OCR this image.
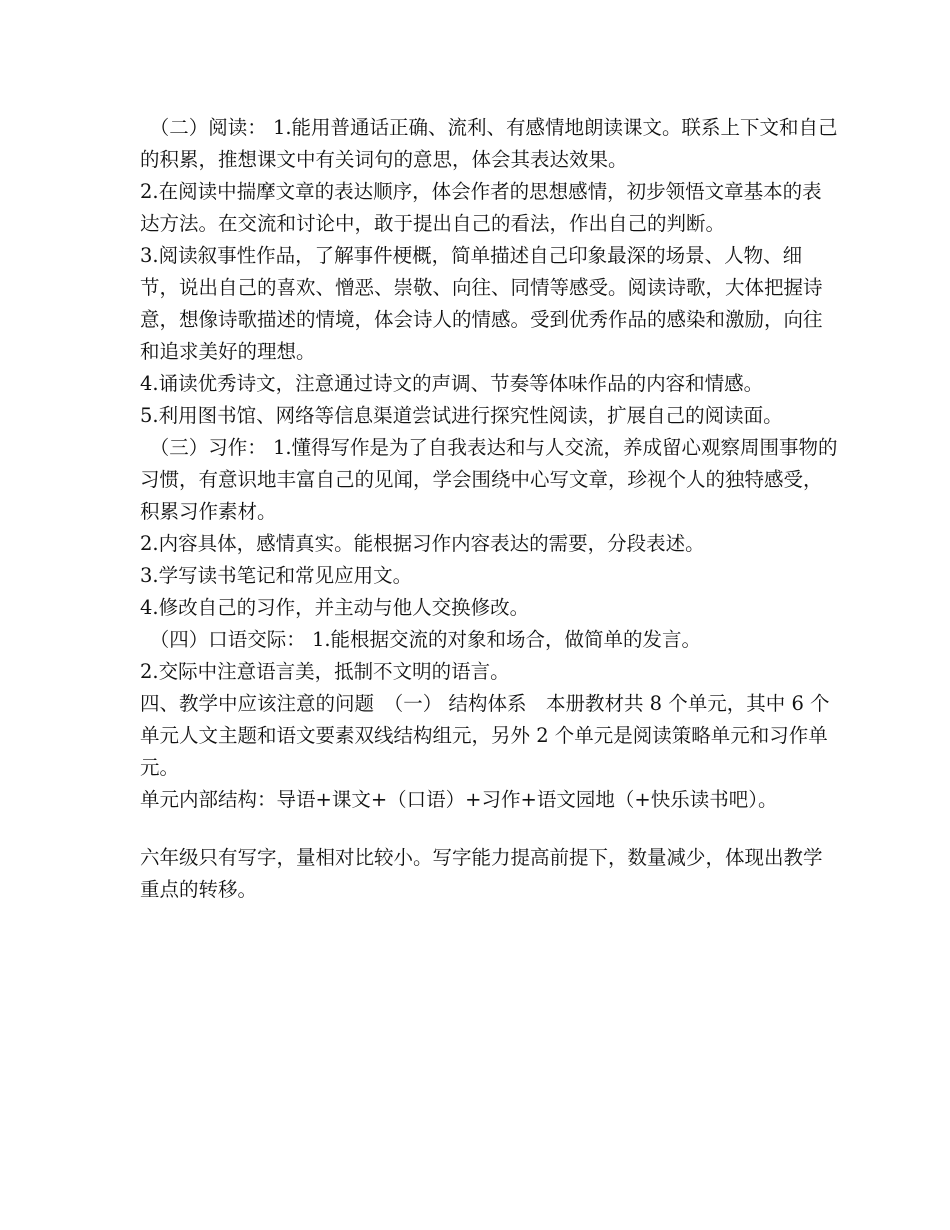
　（二）阅读： 1.能用普通话正确、流利、有感情地朗读课文。联系上下文和自己的积累，推想课文中有关词句的意思，体会其表达效果。

2.在阅读中揣摩文章的表达顺序，体会作者的思想感情，初步领悟文章基本的表达方法。在交流和讨论中，敢于提出自己的看法，作出自己的判断。

3.阅读叙事性作品，了解事件梗概，简单描述自己印象最深的场景、人物、细节，说出自己的喜欢、憎恶、崇敬、向往、同情等感受。阅读诗歌，大体把握诗意，想像诗歌描述的情境，体会诗人的情感。受到优秀作品的感染和激励，向往和追求美好的理想。

4.诵读优秀诗文，注意通过诗文的声调、节奏等体味作品的内容和情感。

5.利用图书馆、网络等信息渠道尝试进行探究性阅读，扩展自己的阅读面。

　（三）习作： 1.懂得写作是为了自我表达和与人交流，养成留心观察周围事物的习惯，有意识地丰富自己的见闻，学会围绕中心写文章，珍视个人的独特感受，积累习作素材。

2.内容具体，感情真实。能根据习作内容表达的需要，分段表述。

3.学写读书笔记和常见应用文。

4.修改自己的习作，并主动与他人交换修改。

　（四）口语交际： 1.能根据交流的对象和场合，做简单的发言。

2.交际中注意语言美，抵制不文明的语言。

四、教学中应该注意的问题　（一） 结构体系　本册教材共 8 个单元，其中 6 个单元人文主题和语文要素双线结构组元，另外 2 个单元是阅读策略单元和习作单元。

单元内部结构：导语+课文+（口语）+习作+语文园地（+快乐读书吧）。

六年级只有写字，量相对比较小。写字能力提高前提下，数量减少，体现出教学重点的转移。
